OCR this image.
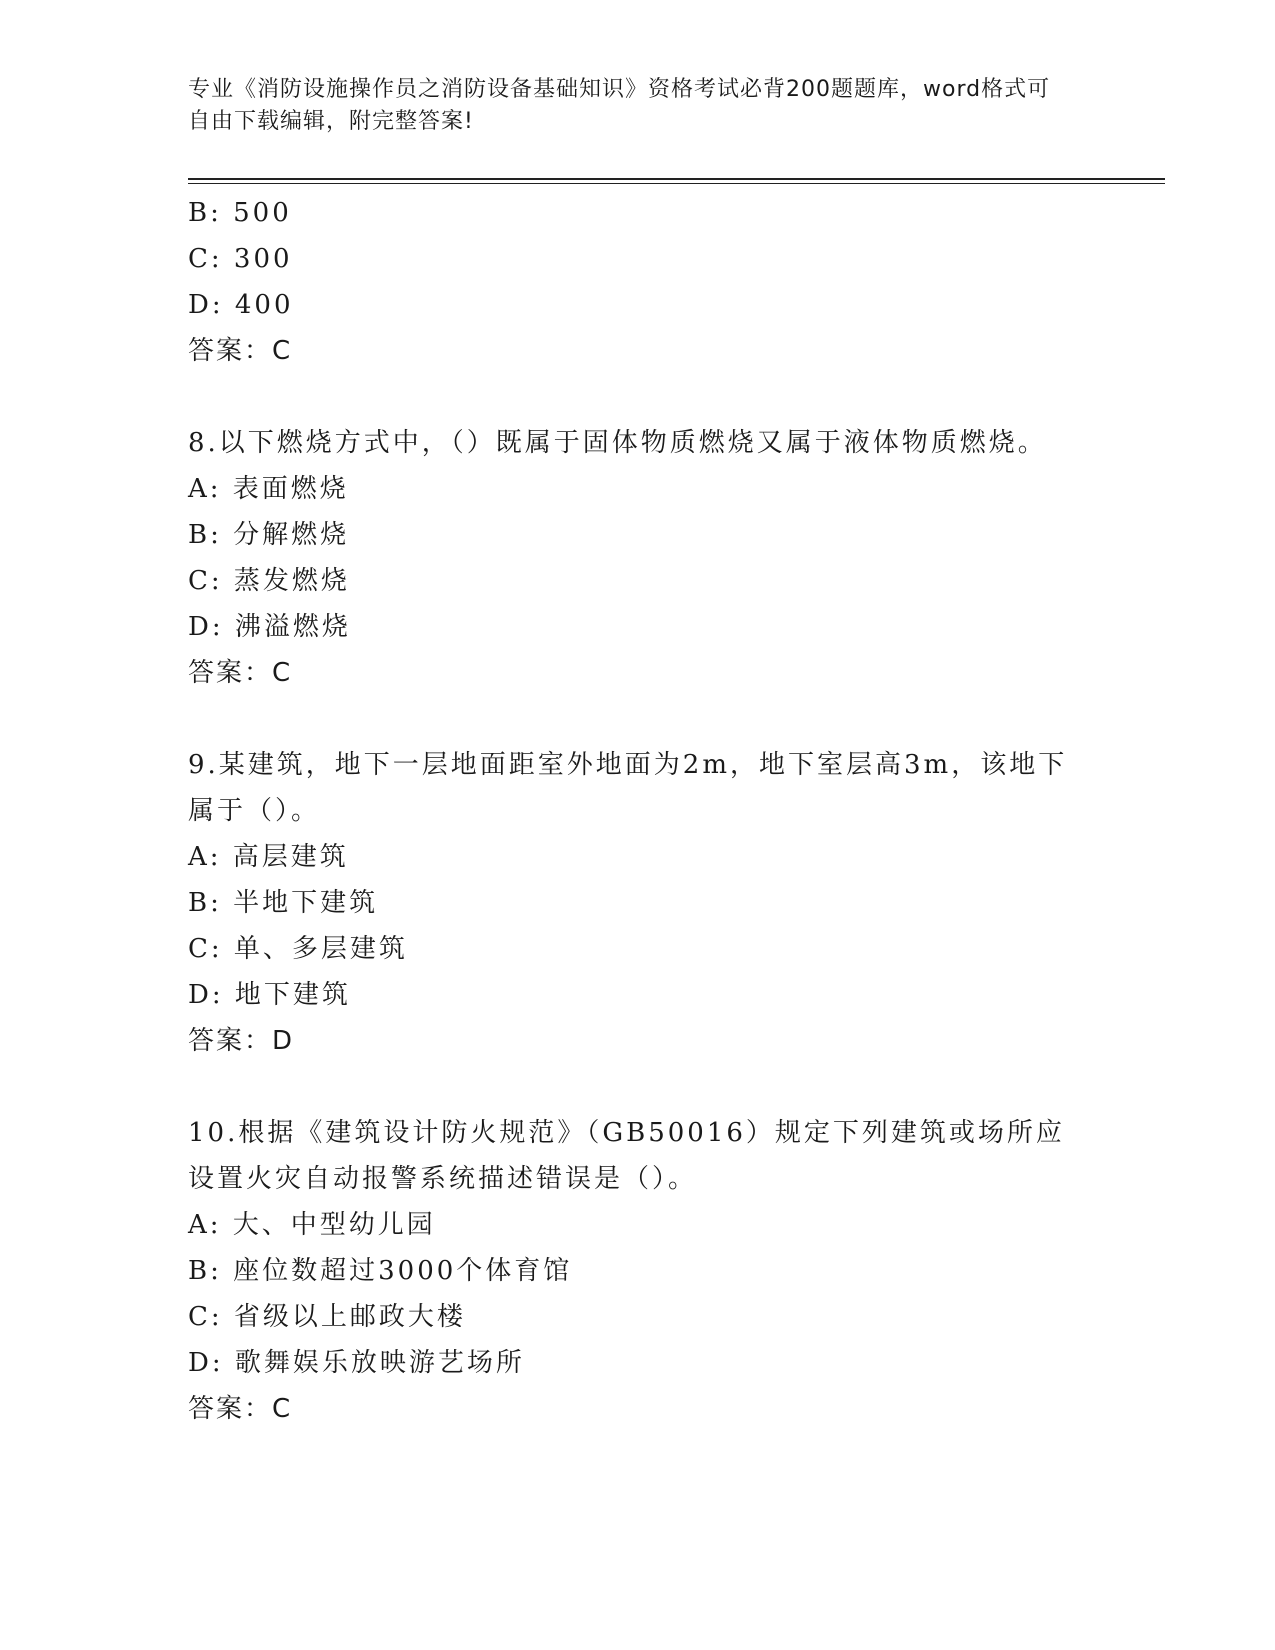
专业《消防设施操作员之消防设备基础知识》资格考试必背200题题库，word格式可自由下载编辑，附完整答案!
B: 500
C: 300
D: 400
答案：C
8.以下燃烧方式中，（）既属于固体物质燃烧又属于液体物质燃烧。
A: 表面燃烧
B: 分解燃烧
C: 蒸发燃烧
D: 沸溢燃烧
答案：C
9.某建筑，地下一层地面距室外地面为2m，地下室层高3m，该地下属于（）。
A: 高层建筑
B: 半地下建筑
C: 单、多层建筑
D: 地下建筑
答案：D
10.根据《建筑设计防火规范》（GB50016）规定下列建筑或场所应设置火灾自动报警系统描述错误是（）。
A: 大、中型幼儿园
B: 座位数超过3000个体育馆
C: 省级以上邮政大楼
D: 歌舞娱乐放映游艺场所
答案：C
